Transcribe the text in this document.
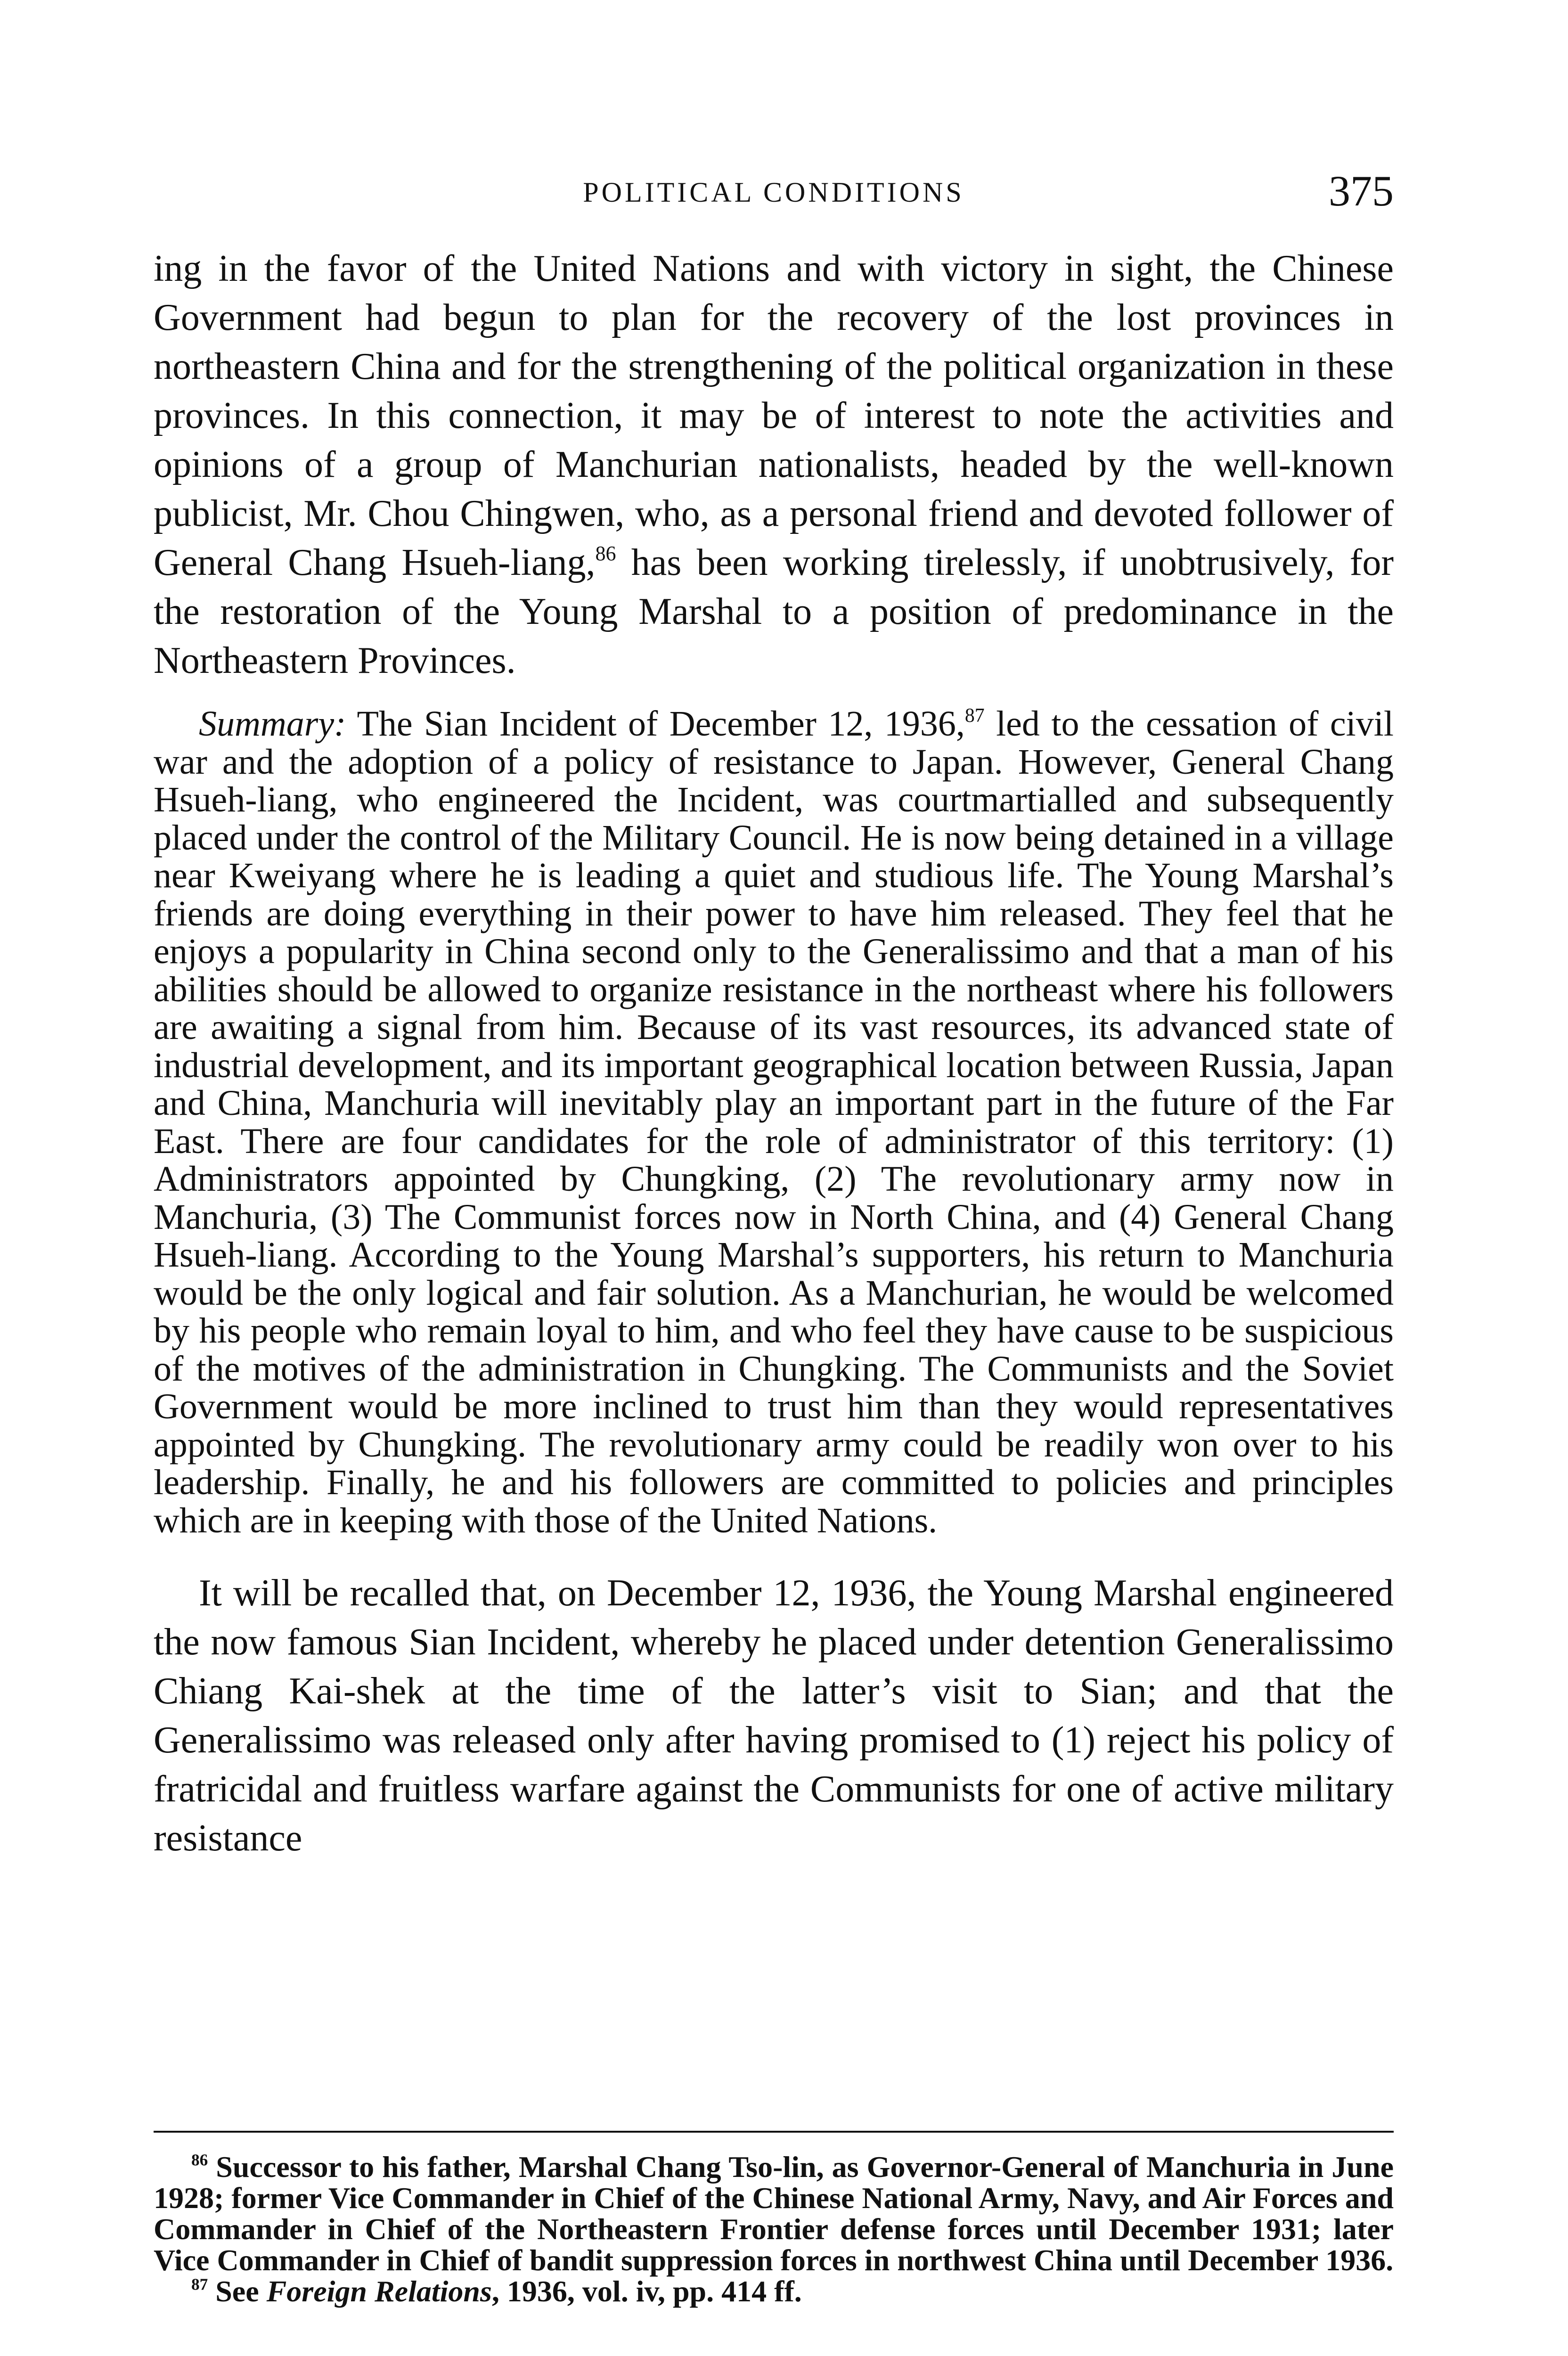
POLITICAL CONDITIONS	375

ing in the favor of the United Nations and with victory in sight, the Chinese Government had begun to plan for the recovery of the lost provinces in northeastern China and for the strengthening of the political organization in these provinces. In this connection, it may be of interest to note the activities and opinions of a group of Manchurian nationalists, headed by the well-known publicist, Mr. Chou Chingwen, who, as a personal friend and devoted follower of General Chang Hsueh-liang,$^{86}$ has been working tirelessly, if unobtrusively, for the restoration of the Young Marshal to a position of predominance in the Northeastern Provinces.

Summary: The Sian Incident of December 12, 1936,87 led to the cessation of civil war and the adoption of a policy of resistance to Japan. However, General Chang Hsueh-liang, who engineered the Incident, was courtmartialled and subsequently placed under the control of the Military Council. He is now being detained in a village near Kweiyang where he is leading a quiet and studious life. The Young Marshal’s friends are doing everything in their power to have him released. They feel that he enjoys a popularity in China second only to the Generalissimo and that a man of his abilities should be allowed to organize resistance in the northeast where his followers are awaiting a signal from him. Because of its vast resources, its advanced state of industrial development, and its important geographical location between Russia, Japan and China, Manchuria will inevitably play an important part in the future of the Far East. There are four candidates for the role of administrator of this territory: (1) Administrators appointed by Chungking, (2) The revolutionary army now in Manchuria, (3) The Communist forces now in North China, and (4) General Chang Hsueh-liang. According to the Young Marshal’s supporters, his return to Manchuria would be the only logical and fair solution. As a Manchurian, he would be welcomed by his people who remain loyal to him, and who feel they have cause to be suspicious of the motives of the administration in Chungking. The Communists and the Soviet Government would be more inclined to trust him than they would representatives appointed by Chungking. The revolutionary army could be readily won over to his leadership. Finally, he and his followers are committed to policies and principles which are in keeping with those of the United Nations.

It will be recalled that, on December 12, 1936, the Young Marshal engineered the now famous Sian Incident, whereby he placed under detention Generalissimo Chiang Kai-shek at the time of the latter’s visit to Sian; and that the Generalissimo was released only after having promised to (1) reject his policy of fratricidal and fruitless warfare against the Communists for one of active military resistance

$^{86}$ Successor to his father, Marshal Chang Tso-lin, as Governor-General of Manchuria in June 1928; former Vice Commander in Chief of the Chinese National Army, Navy, and Air Forces and Commander in Chief of the Northeastern Frontier defense forces until December 1931; later Vice Commander in Chief of bandit suppression forces in northwest China until December 1936.

$^{87}$ See Foreign Relations, 1936, vol. iv, pp. 414 ff.
